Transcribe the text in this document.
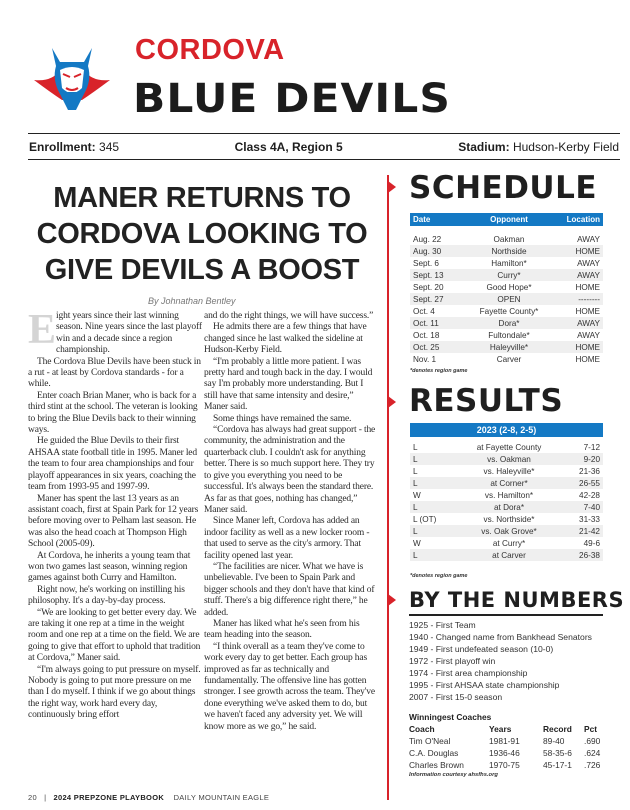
CORDOVA
BLUE DEVILS
Enrollment: 345	Class 4A, Region 5	Stadium: Hudson-Kerby Field
MANER RETURNS TO CORDOVA LOOKING TO GIVE DEVILS A BOOST
By Johnathan Bentley

Eight years since their last winning season. Nine years since the last playoff win and a decade since a region championship.

The Cordova Blue Devils have been stuck in a rut - at least by Cordova standards - for a while.

Enter coach Brian Maner, who is back for a third stint at the school. The veteran is looking to bring the Blue Devils back to their winning ways.

He guided the Blue Devils to their first AHSAA state football title in 1995. Maner led the team to four area championships and four playoff appearances in six years, coaching the team from 1993-95 and 1997-99.

Maner has spent the last 13 years as an assistant coach, first at Spain Park for 12 years before moving over to Pelham last season. He was also the head coach at Thompson High School (2005-09).

At Cordova, he inherits a young team that won two games last season, winning region games against both Curry and Hamilton.

Right now, he's working on instilling his philosophy. It's a day-by-day process.

“We are looking to get better every day. We are taking it one rep at a time in the weight room and one rep at a time on the field. We are going to give that effort to uphold that tradition at Cordova,” Maner said.

“I'm always going to put pressure on myself. Nobody is going to put more pressure on me than I do myself. I think if we go about things the right way, work hard every day, continuously bring effort

and do the right things, we will have success.”

He admits there are a few things that have changed since he last walked the sideline at Hudson-Kerby Field.

“I'm probably a little more patient. I was pretty hard and tough back in the day. I would say I'm probably more understanding. But I still have that same intensity and desire,” Maner said.

Some things have remained the same.

“Cordova has always had great support - the community, the administration and the quarterback club. I couldn't ask for anything better. There is so much support here. They try to give you everything you need to be successful. It's always been the standard there. As far as that goes, nothing has changed,” Maner said.

Since Maner left, Cordova has added an indoor facility as well as a new locker room - that used to serve as the city's armory. That facility opened last year.

“The facilities are nicer. What we have is unbelievable. I've been to Spain Park and bigger schools and they don't have that kind of stuff. There's a big difference right there,” he added.

Maner has liked what he's seen from his team heading into the season.

“I think overall as a team they've come to work every day to get better. Each group has improved as far as technically and fundamentally. The offensive line has gotten stronger. I see growth across the team. They've done everything we've asked them to do, but we haven't faced any adversity yet. We will know more as we go,” he said.

20 | 2024 PREPZONE PLAYBOOK DAILY MOUNTAIN EAGLE
SCHEDULE
Date	Opponent	Location
Aug. 22	Oakman	AWAY
Aug. 30	Northside	HOME
Sept. 6	Hamilton*	AWAY
Sept. 13	Curry*	AWAY
Sept. 20	Good Hope*	HOME
Sept. 27	OPEN	--------
Oct. 4	Fayette County*	HOME
Oct. 11	Dora*	AWAY
Oct. 18	Fultondale*	AWAY
Oct. 25	Haleyville*	HOME
Nov. 1	Carver	HOME
*denotes region game
RESULTS
2023 (2-8, 2-5)
L	at Fayette County	7-12
L	vs. Oakman	9-20
L	vs. Haleyville*	21-36
L	at Corner*	26-55
W	vs. Hamilton*	42-28
L	at Dora*	7-40
L (OT)	vs. Northside*	31-33
L	vs. Oak Grove*	21-42
W	at Curry*	49-6
L	at Carver	26-38
*denotes region game
BY THE NUMBERS
1925 - First Team
1940 - Changed name from Bankhead Senators
1949 - First undefeated season (10-0)
1972 - First playoff win
1974 - First area championship
1995 - First AHSAA state championship
2007 - First 15-0 season
Winningest Coaches
Coach	Years	Record	Pct
Tim O'Neal	1981-91	89-40	.690
C.A. Douglas	1936-46	58-35-6	.624
Charles Brown	1970-75	45-17-1	.726
Information courtesy ahsfhs.org
